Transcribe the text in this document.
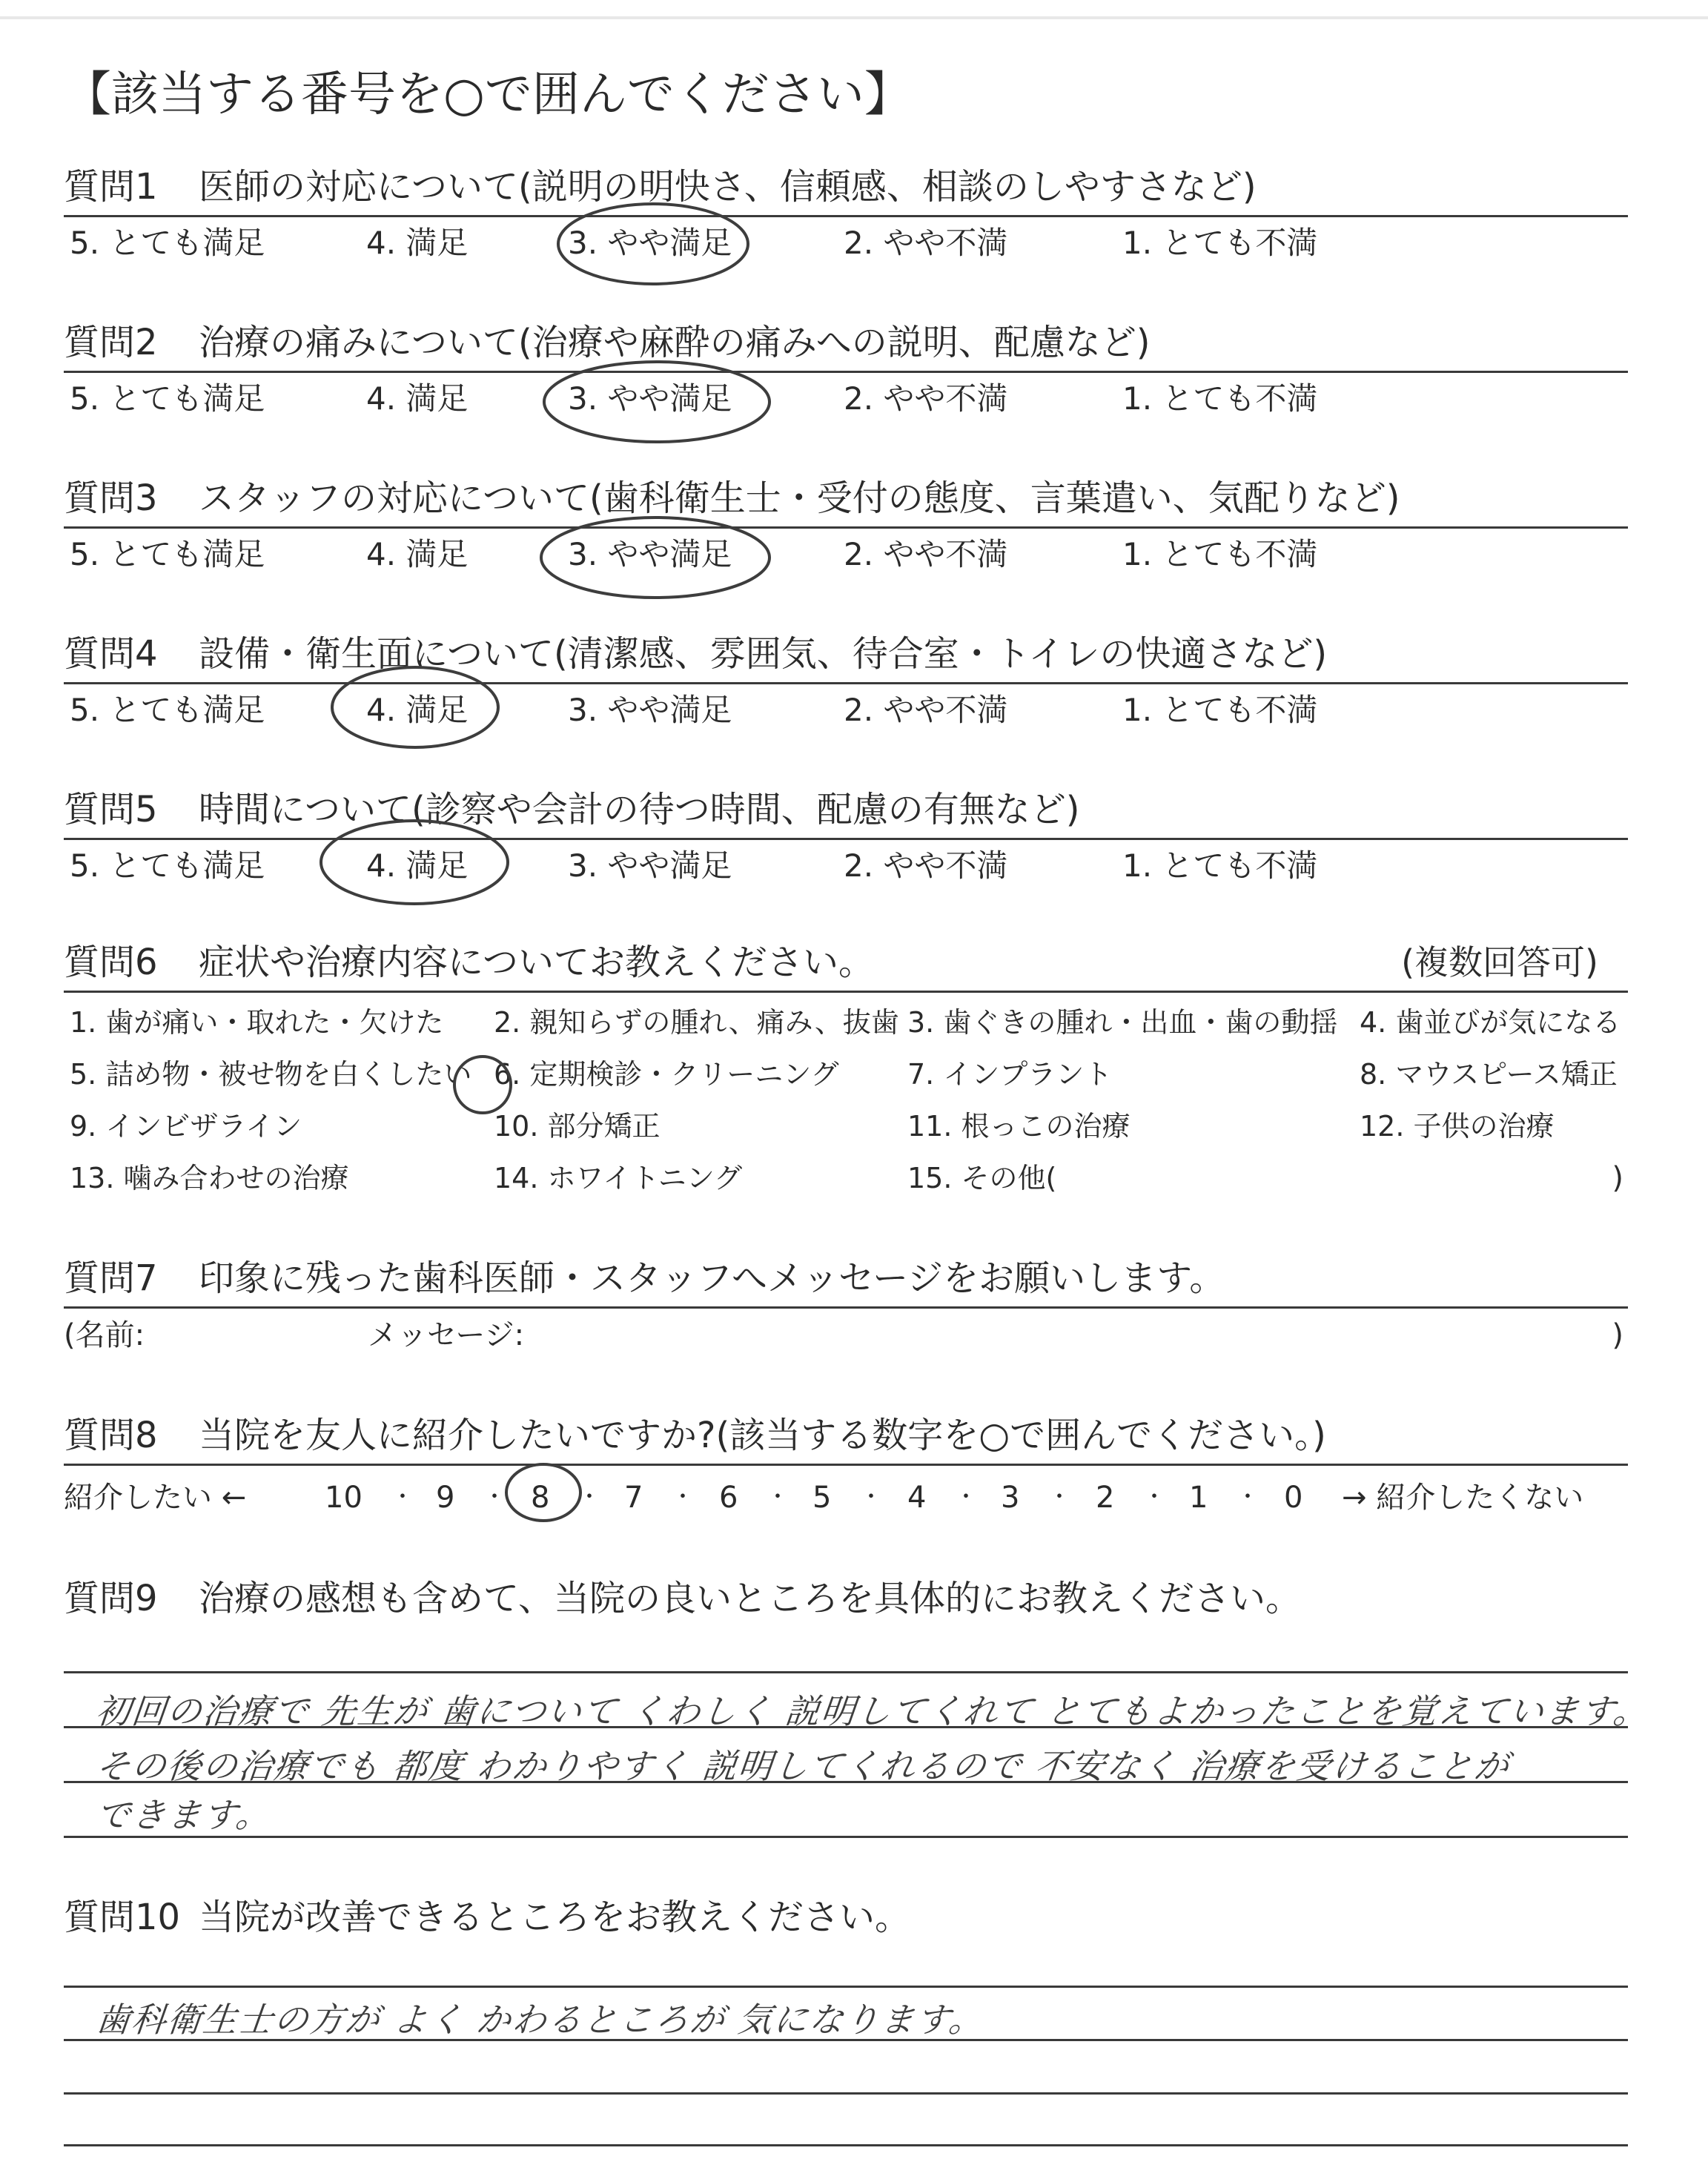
【該当する番号を○で囲んでください】
質問1 医師の対応について(説明の明快さ、信頼感、相談のしやすさなど)
5. とても満足	4. 満足	3. やや満足	2. やや不満	1. とても不満
質問2 治療の痛みについて(治療や麻酔の痛みへの説明、配慮など)
5. とても満足	4. 満足	3. やや満足	2. やや不満	1. とても不満
質問3 スタッフの対応について(歯科衛生士・受付の態度、言葉遣い、気配りなど)
5. とても満足	4. 満足	3. やや満足	2. やや不満	1. とても不満
質問4 設備・衛生面について(清潔感、雰囲気、待合室・トイレの快適さなど)
5. とても満足	4. 満足	3. やや満足	2. やや不満	1. とても不満
質問5 時間について(診察や会計の待つ時間、配慮の有無など)
5. とても満足	4. 満足	3. やや満足	2. やや不満	1. とても不満
質問6 症状や治療内容についてお教えください。	(複数回答可)
1. 歯が痛い・取れた・欠けた 2. 親知らずの腫れ、痛み、抜歯 3. 歯ぐきの腫れ・出血・歯の動揺 4. 歯並びが気になる
5. 詰め物・被せ物を白くしたい 6. 定期検診・クリーニング 7. インプラント	8. マウスピース矯正
9. インビザライン	10. 部分矯正	11. 根っこの治療	12. 子供の治療
13. 噛み合わせの治療	14. ホワイトニング	15. その他(	)
質問7 印象に残った歯科医師・スタッフへメッセージをお願いします。
(名前:	メッセージ:	)
質問8 当院を友人に紹介したいですか?(該当する数字を○で囲んでください。)
紹介したい ←	10 ・ 9 ・ 8 ・ 7 ・ 6 ・ 5 ・ 4 ・ 3 ・ 2 ・ 1 ・ 0 → 紹介したくない
質問9 治療の感想も含めて、当院の良いところを具体的にお教えください。
初回の治療で 先生が 歯について くわしく 説明してくれて とてもよかったことを覚えています。
その後の治療でも 都度 わかりやすく 説明してくれるので 不安なく 治療を受けることが
できます。
質問10 当院が改善できるところをお教えください。
歯科衛生士の方が よく かわるところが 気になります。
